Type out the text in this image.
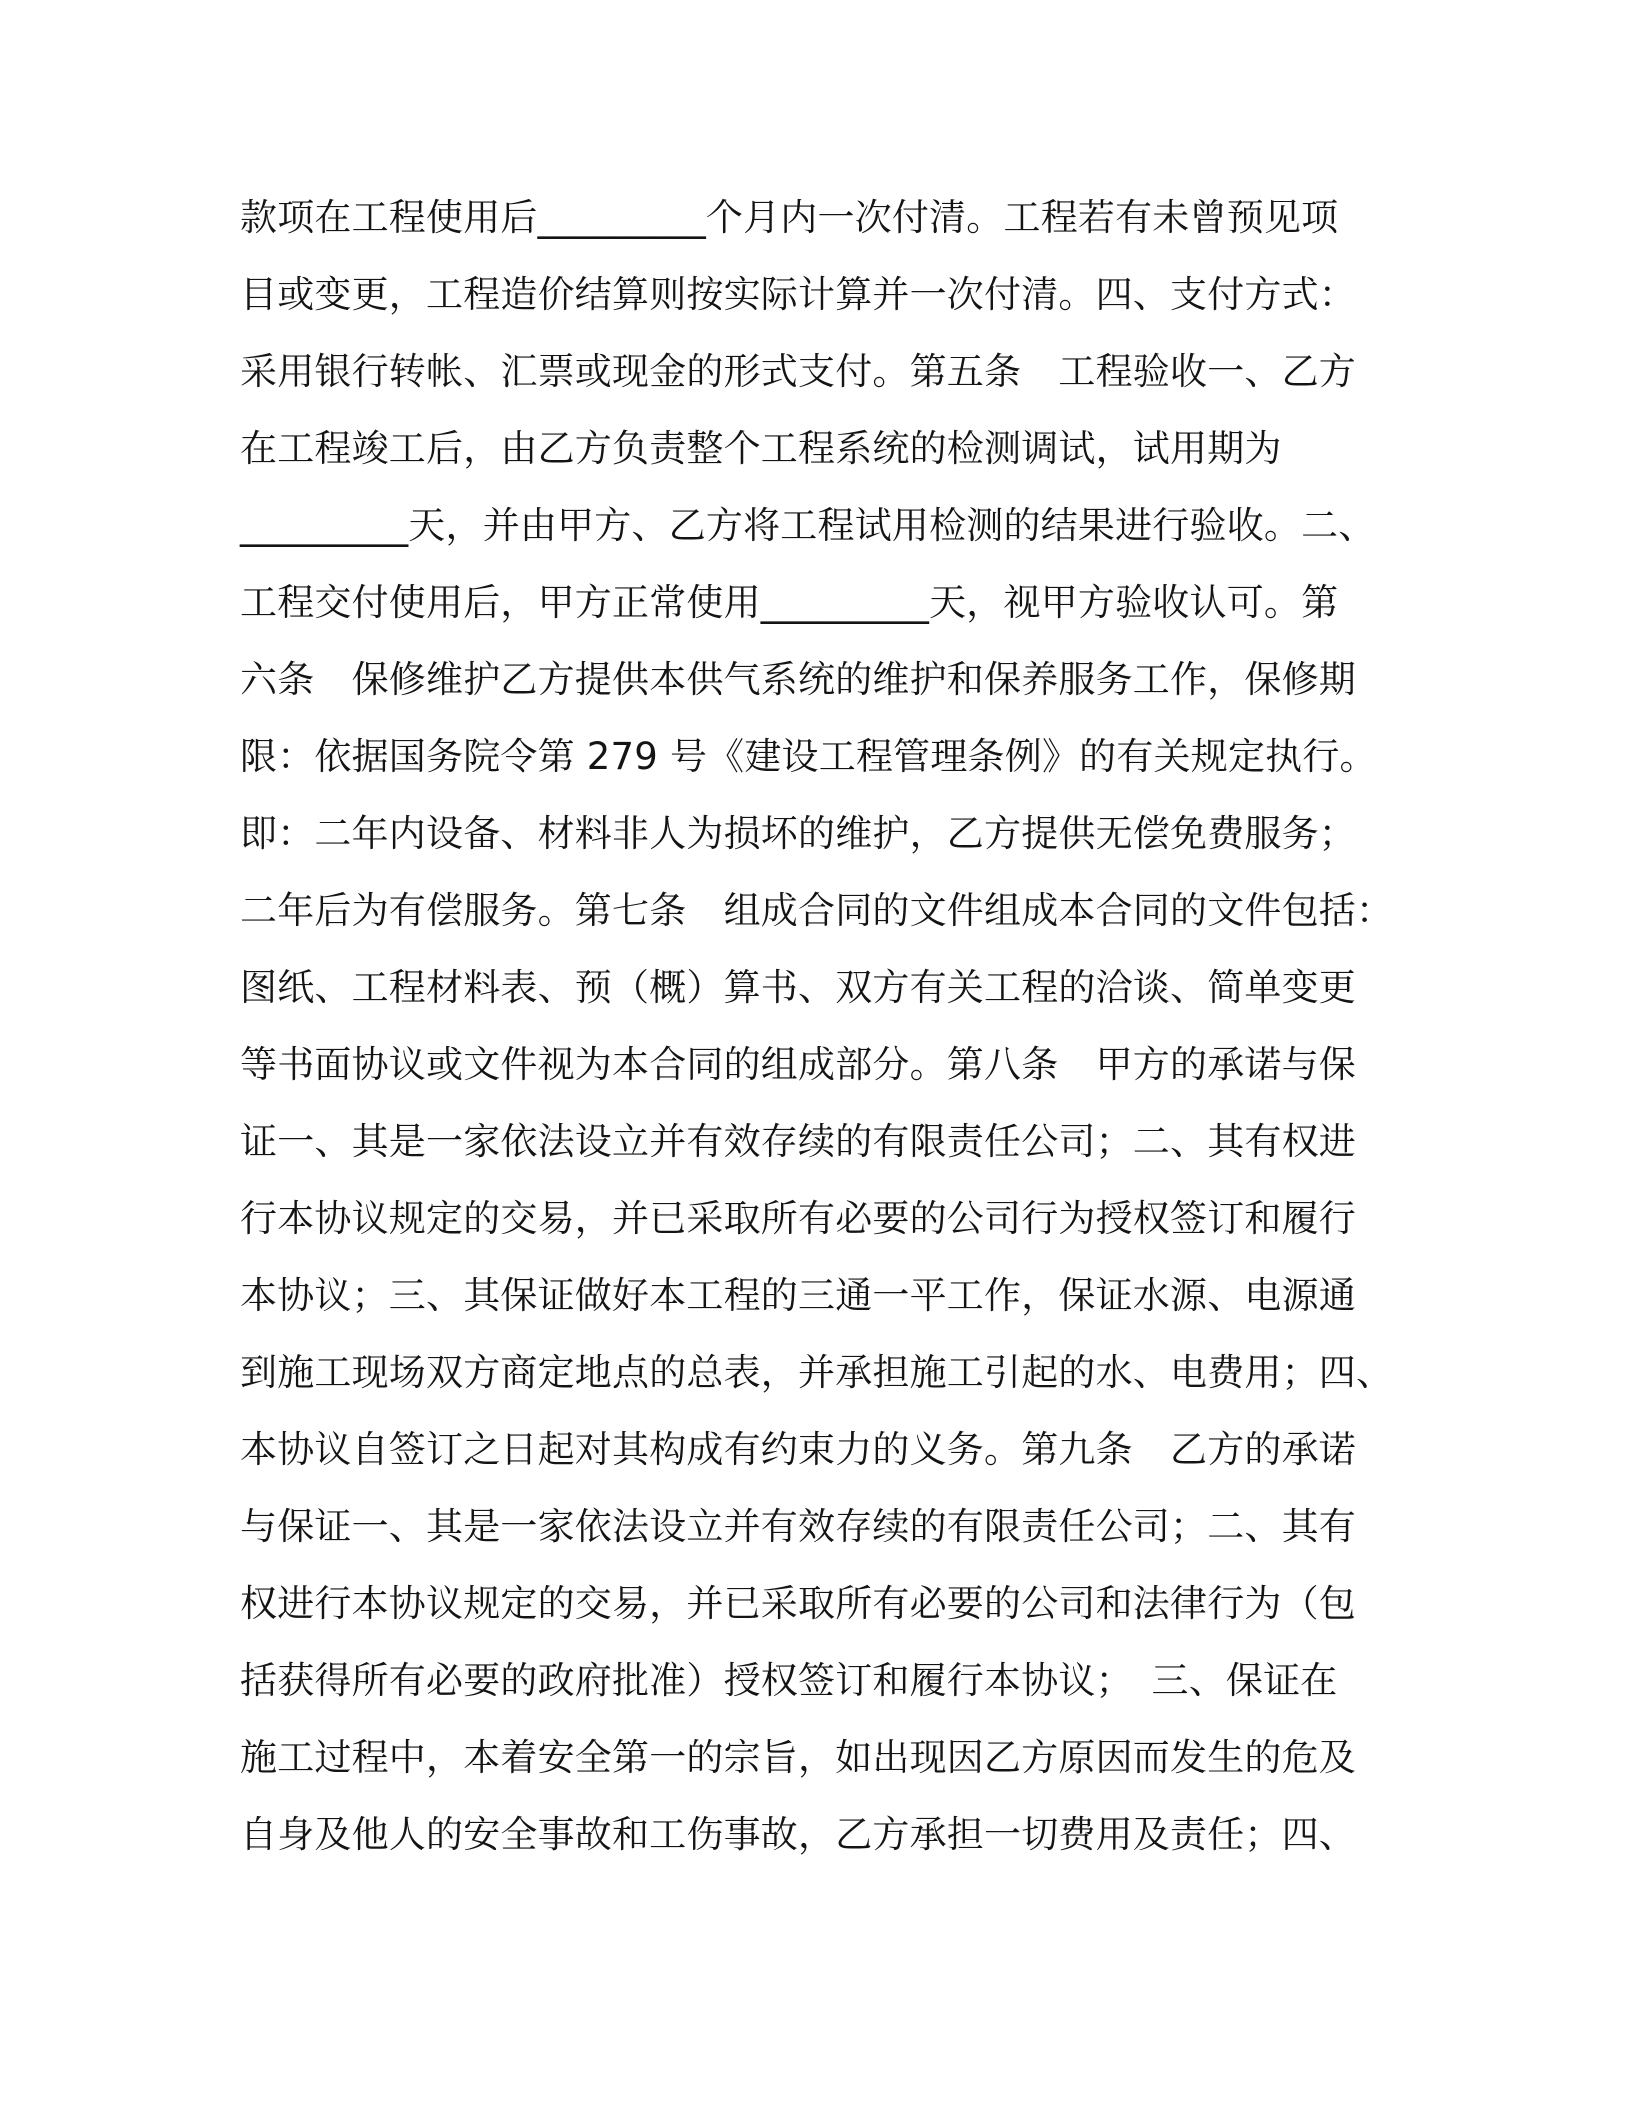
款项在工程使用后_________个月内一次付清。工程若有未曾预见项
目或变更，工程造价结算则按实际计算并一次付清。四、支付方式：
采用银行转帐、汇票或现金的形式支付。第五条　工程验收一、乙方
在工程竣工后，由乙方负责整个工程系统的检测调试，试用期为
_________天，并由甲方、乙方将工程试用检测的结果进行验收。二、
工程交付使用后，甲方正常使用_________天，视甲方验收认可。第
六条　保修维护乙方提供本供气系统的维护和保养服务工作，保修期
限：依据国务院令第 279 号《建设工程管理条例》的有关规定执行。
即：二年内设备、材料非人为损坏的维护，乙方提供无偿免费服务；
二年后为有偿服务。第七条　组成合同的文件组成本合同的文件包括：
图纸、工程材料表、预（概）算书、双方有关工程的洽谈、简单变更
等书面协议或文件视为本合同的组成部分。第八条　甲方的承诺与保
证一、其是一家依法设立并有效存续的有限责任公司；二、其有权进
行本协议规定的交易，并已采取所有必要的公司行为授权签订和履行
本协议；三、其保证做好本工程的三通一平工作，保证水源、电源通
到施工现场双方商定地点的总表，并承担施工引起的水、电费用；四、
本协议自签订之日起对其构成有约束力的义务。第九条　乙方的承诺
与保证一、其是一家依法设立并有效存续的有限责任公司；二、其有
权进行本协议规定的交易，并已采取所有必要的公司和法律行为（包
括获得所有必要的政府批准）授权签订和履行本协议；　三、保证在
施工过程中，本着安全第一的宗旨，如出现因乙方原因而发生的危及
自身及他人的安全事故和工伤事故，乙方承担一切费用及责任；四、
